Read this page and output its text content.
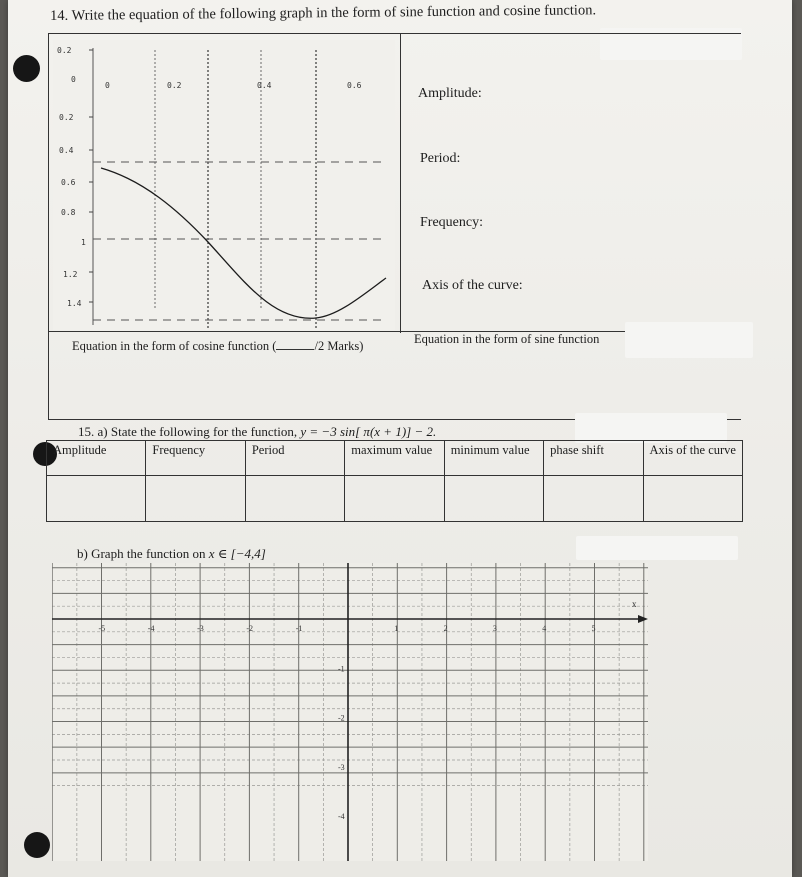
14. Write the equation of the following graph in the form of sine function and cosine function.
0	0.2	0.4	0.6
0.2
0
0.2
0.4
0.6
0.8
1
1.2
1.4
Amplitude:
Period:
Frequency:
Axis of the curve:
Equation in the form of cosine function (	/2 Marks)	Equation in the form of sine function
15. a) State the following for the function, y = −3 sin[ π(x + 1)] − 2.
Amplitude	Frequency	Period	maximum value	minimum value	phase shift	Axis of the curve

b) Graph the function on x ∈ [−4,4]
x
-5	-4	-3	-2	-1	1	2	3	4	5
-1
-2
-3
-4
